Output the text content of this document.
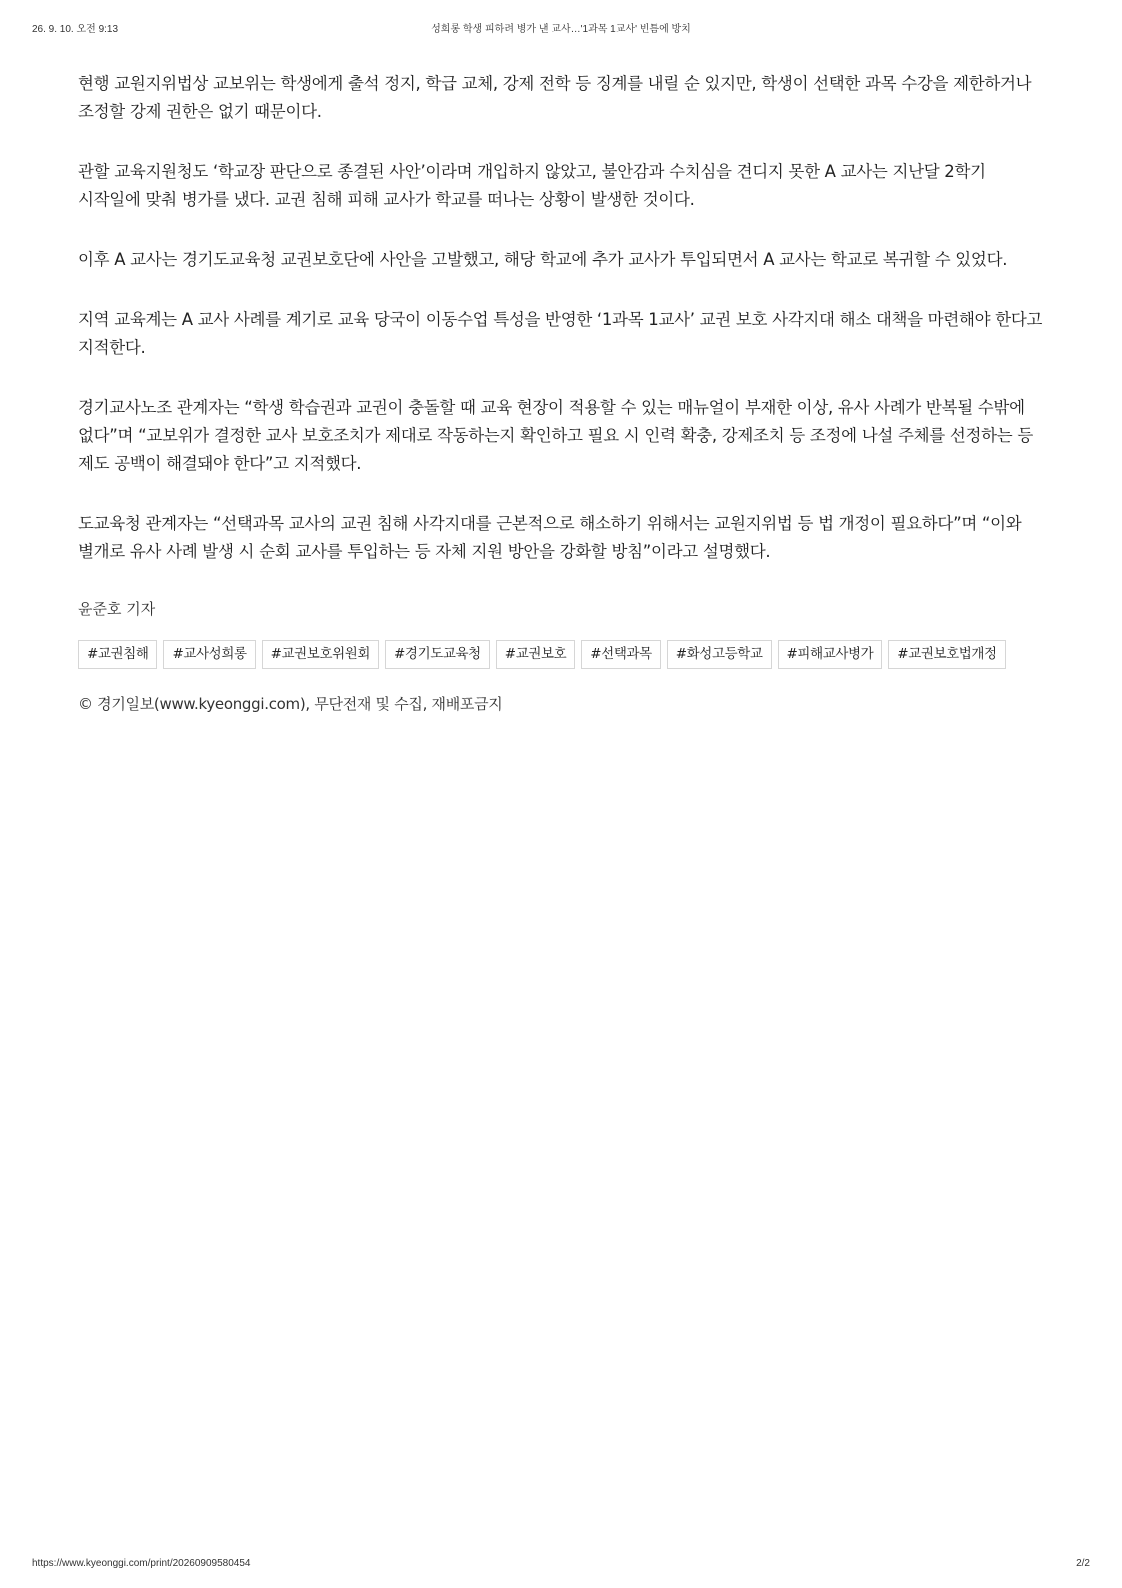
26. 9. 10. 오전 9:13	성희롱 학생 피하려 병가 낸 교사…'1과목 1교사' 빈틈에 방치

현행 교원지위법상 교보위는 학생에게 출석 정지, 학급 교체, 강제 전학 등 징계를 내릴 순 있지만, 학생이 선택한 과목 수강을 제한하거나 조정할 강제 권한은 없기 때문이다.

관할 교육지원청도 ‘학교장 판단으로 종결된 사안’이라며 개입하지 않았고, 불안감과 수치심을 견디지 못한 A 교사는 지난달 2학기 시작일에 맞춰 병가를 냈다. 교권 침해 피해 교사가 학교를 떠나는 상황이 발생한 것이다.

이후 A 교사는 경기도교육청 교권보호단에 사안을 고발했고, 해당 학교에 추가 교사가 투입되면서 A 교사는 학교로 복귀할 수 있었다.

지역 교육계는 A 교사 사례를 계기로 교육 당국이 이동수업 특성을 반영한 ‘1과목 1교사’ 교권 보호 사각지대 해소 대책을 마련해야 한다고 지적한다.

경기교사노조 관계자는 “학생 학습권과 교권이 충돌할 때 교육 현장이 적용할 수 있는 매뉴얼이 부재한 이상, 유사 사례가 반복될 수밖에 없다”며 “교보위가 결정한 교사 보호조치가 제대로 작동하는지 확인하고 필요 시 인력 확충, 강제조치 등 조정에 나설 주체를 선정하는 등 제도 공백이 해결돼야 한다”고 지적했다.

도교육청 관계자는 “선택과목 교사의 교권 침해 사각지대를 근본적으로 해소하기 위해서는 교원지위법 등 법 개정이 필요하다”며 “이와 별개로 유사 사례 발생 시 순회 교사를 투입하는 등 자체 지원 방안을 강화할 방침”이라고 설명했다.

윤준호 기자
#교권침해	#교사성희롱	#교권보호위원회	#경기도교육청	#교권보호	#선택과목	#화성고등학교	#피해교사병가	#교권보호법개정
© 경기일보(www.kyeonggi.com), 무단전재 및 수집, 재배포금지
https://www.kyeonggi.com/print/20260909580454	2/2
